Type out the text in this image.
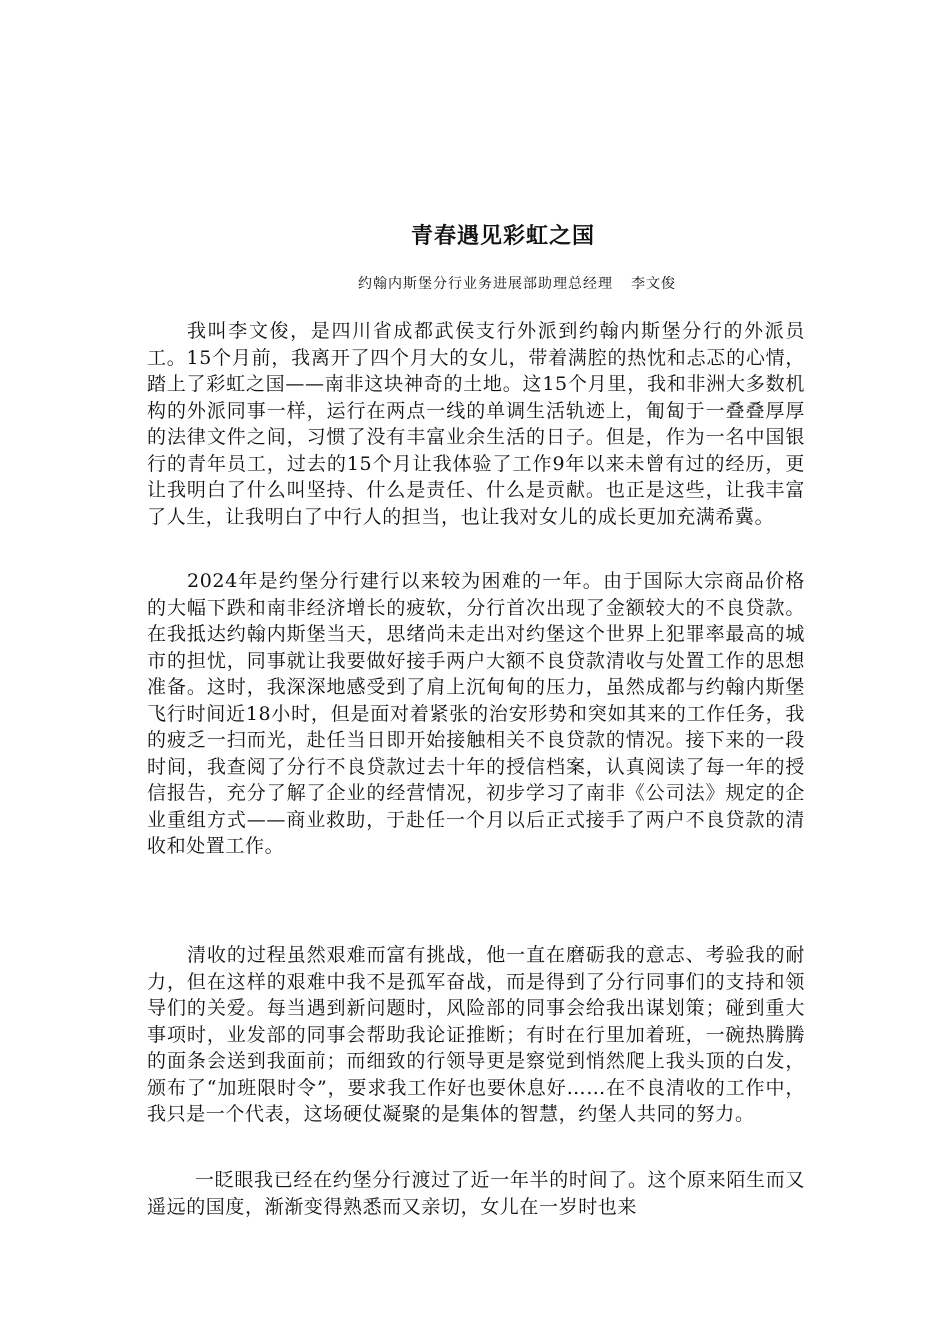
青春遇见彩虹之国
约翰内斯堡分行业务进展部助理总经理 李文俊

我叫李文俊，是四川省成都武侯支行外派到约翰内斯堡分行的外派员工。15个月前，我离开了四个月大的女儿，带着满腔的热忱和忐忑的心情，踏上了彩虹之国——南非这块神奇的土地。这15个月里，我和非洲大多数机构的外派同事一样，运行在两点一线的单调生活轨迹上，匍匐于一叠叠厚厚的法律文件之间，习惯了没有丰富业余生活的日子。但是，作为一名中国银行的青年员工，过去的15个月让我体验了工作9年以来未曾有过的经历，更让我明白了什么叫坚持、什么是责任、什么是贡献。也正是这些，让我丰富了人生，让我明白了中行人的担当，也让我对女儿的成长更加充满希冀。

2024年是约堡分行建行以来较为困难的一年。由于国际大宗商品价格的大幅下跌和南非经济增长的疲软，分行首次出现了金额较大的不良贷款。在我抵达约翰内斯堡当天，思绪尚未走出对约堡这个世界上犯罪率最高的城市的担忧，同事就让我要做好接手两户大额不良贷款清收与处置工作的思想准备。这时，我深深地感受到了肩上沉甸甸的压力，虽然成都与约翰内斯堡飞行时间近18小时，但是面对着紧张的治安形势和突如其来的工作任务，我的疲乏一扫而光，赴任当日即开始接触相关不良贷款的情况。接下来的一段时间，我查阅了分行不良贷款过去十年的授信档案，认真阅读了每一年的授信报告，充分了解了企业的经营情况，初步学习了南非《公司法》规定的企业重组方式——商业救助，于赴任一个月以后正式接手了两户不良贷款的清收和处置工作。

清收的过程虽然艰难而富有挑战，他一直在磨砺我的意志、考验我的耐力，但在这样的艰难中我不是孤军奋战，而是得到了分行同事们的支持和领导们的关爱。每当遇到新问题时，风险部的同事会给我出谋划策；碰到重大事项时，业发部的同事会帮助我论证推断；有时在行里加着班，一碗热腾腾的面条会送到我面前；而细致的行领导更是察觉到悄然爬上我头顶的白发，颁布了“加班限时令”，要求我工作好也要休息好……在不良清收的工作中，我只是一个代表，这场硬仗凝聚的是集体的智慧，约堡人共同的努力。

一眨眼我已经在约堡分行渡过了近一年半的时间了。这个原来陌生而又遥远的国度，渐渐变得熟悉而又亲切，女儿在一岁时也来
